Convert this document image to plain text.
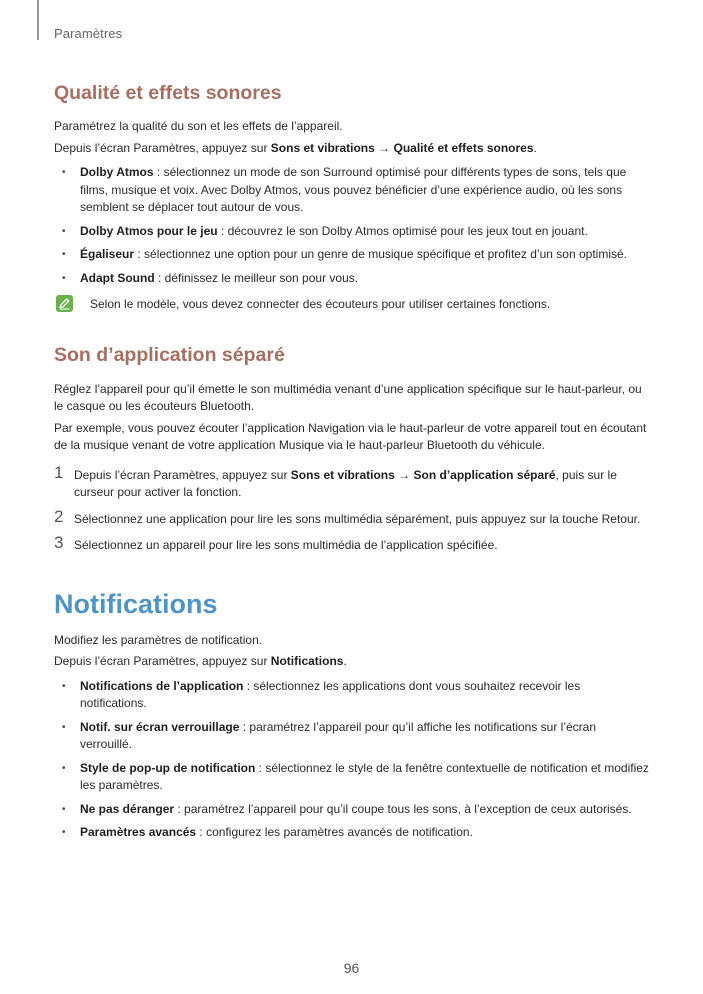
Paramètres
Qualité et effets sonores

Paramétrez la qualité du son et les effets de l’appareil.

Depuis l’écran Paramètres, appuyez sur Sons et vibrations → Qualité et effets sonores.

• Dolby Atmos : sélectionnez un mode de son Surround optimisé pour différents types de sons, tels que films, musique et voix. Avec Dolby Atmos, vous pouvez bénéficier d’une expérience audio, où les sons semblent se déplacer tout autour de vous.
• Dolby Atmos pour le jeu : découvrez le son Dolby Atmos optimisé pour les jeux tout en jouant.
• Égaliseur : sélectionnez une option pour un genre de musique spécifique et profitez d’un son optimisé.
• Adapt Sound : définissez le meilleur son pour vous.
Selon le modèle, vous devez connecter des écouteurs pour utiliser certaines fonctions.
Son d’application séparé

Réglez l’appareil pour qu’il émette le son multimédia venant d’une application spécifique sur le haut-parleur, ou le casque ou les écouteurs Bluetooth.

Par exemple, vous pouvez écouter l’application Navigation via le haut-parleur de votre appareil tout en écoutant de la musique venant de votre application Musique via le haut-parleur Bluetooth du véhicule.

1 Depuis l’écran Paramètres, appuyez sur Sons et vibrations → Son d’application séparé, puis sur le curseur pour activer la fonction.
2 Sélectionnez une application pour lire les sons multimédia séparément, puis appuyez sur la touche Retour.
3 Sélectionnez un appareil pour lire les sons multimédia de l’application spécifiée.
Notifications

Modifiez les paramètres de notification.

Depuis l’écran Paramètres, appuyez sur Notifications.

• Notifications de l’application : sélectionnez les applications dont vous souhaitez recevoir les notifications.
• Notif. sur écran verrouillage : paramétrez l’appareil pour qu’il affiche les notifications sur l’écran verrouillé.
• Style de pop-up de notification : sélectionnez le style de la fenêtre contextuelle de notification et modifiez les paramètres.
• Ne pas déranger : paramétrez l’appareil pour qu’il coupe tous les sons, à l’exception de ceux autorisés.
• Paramètres avancés : configurez les paramètres avancés de notification.
96
